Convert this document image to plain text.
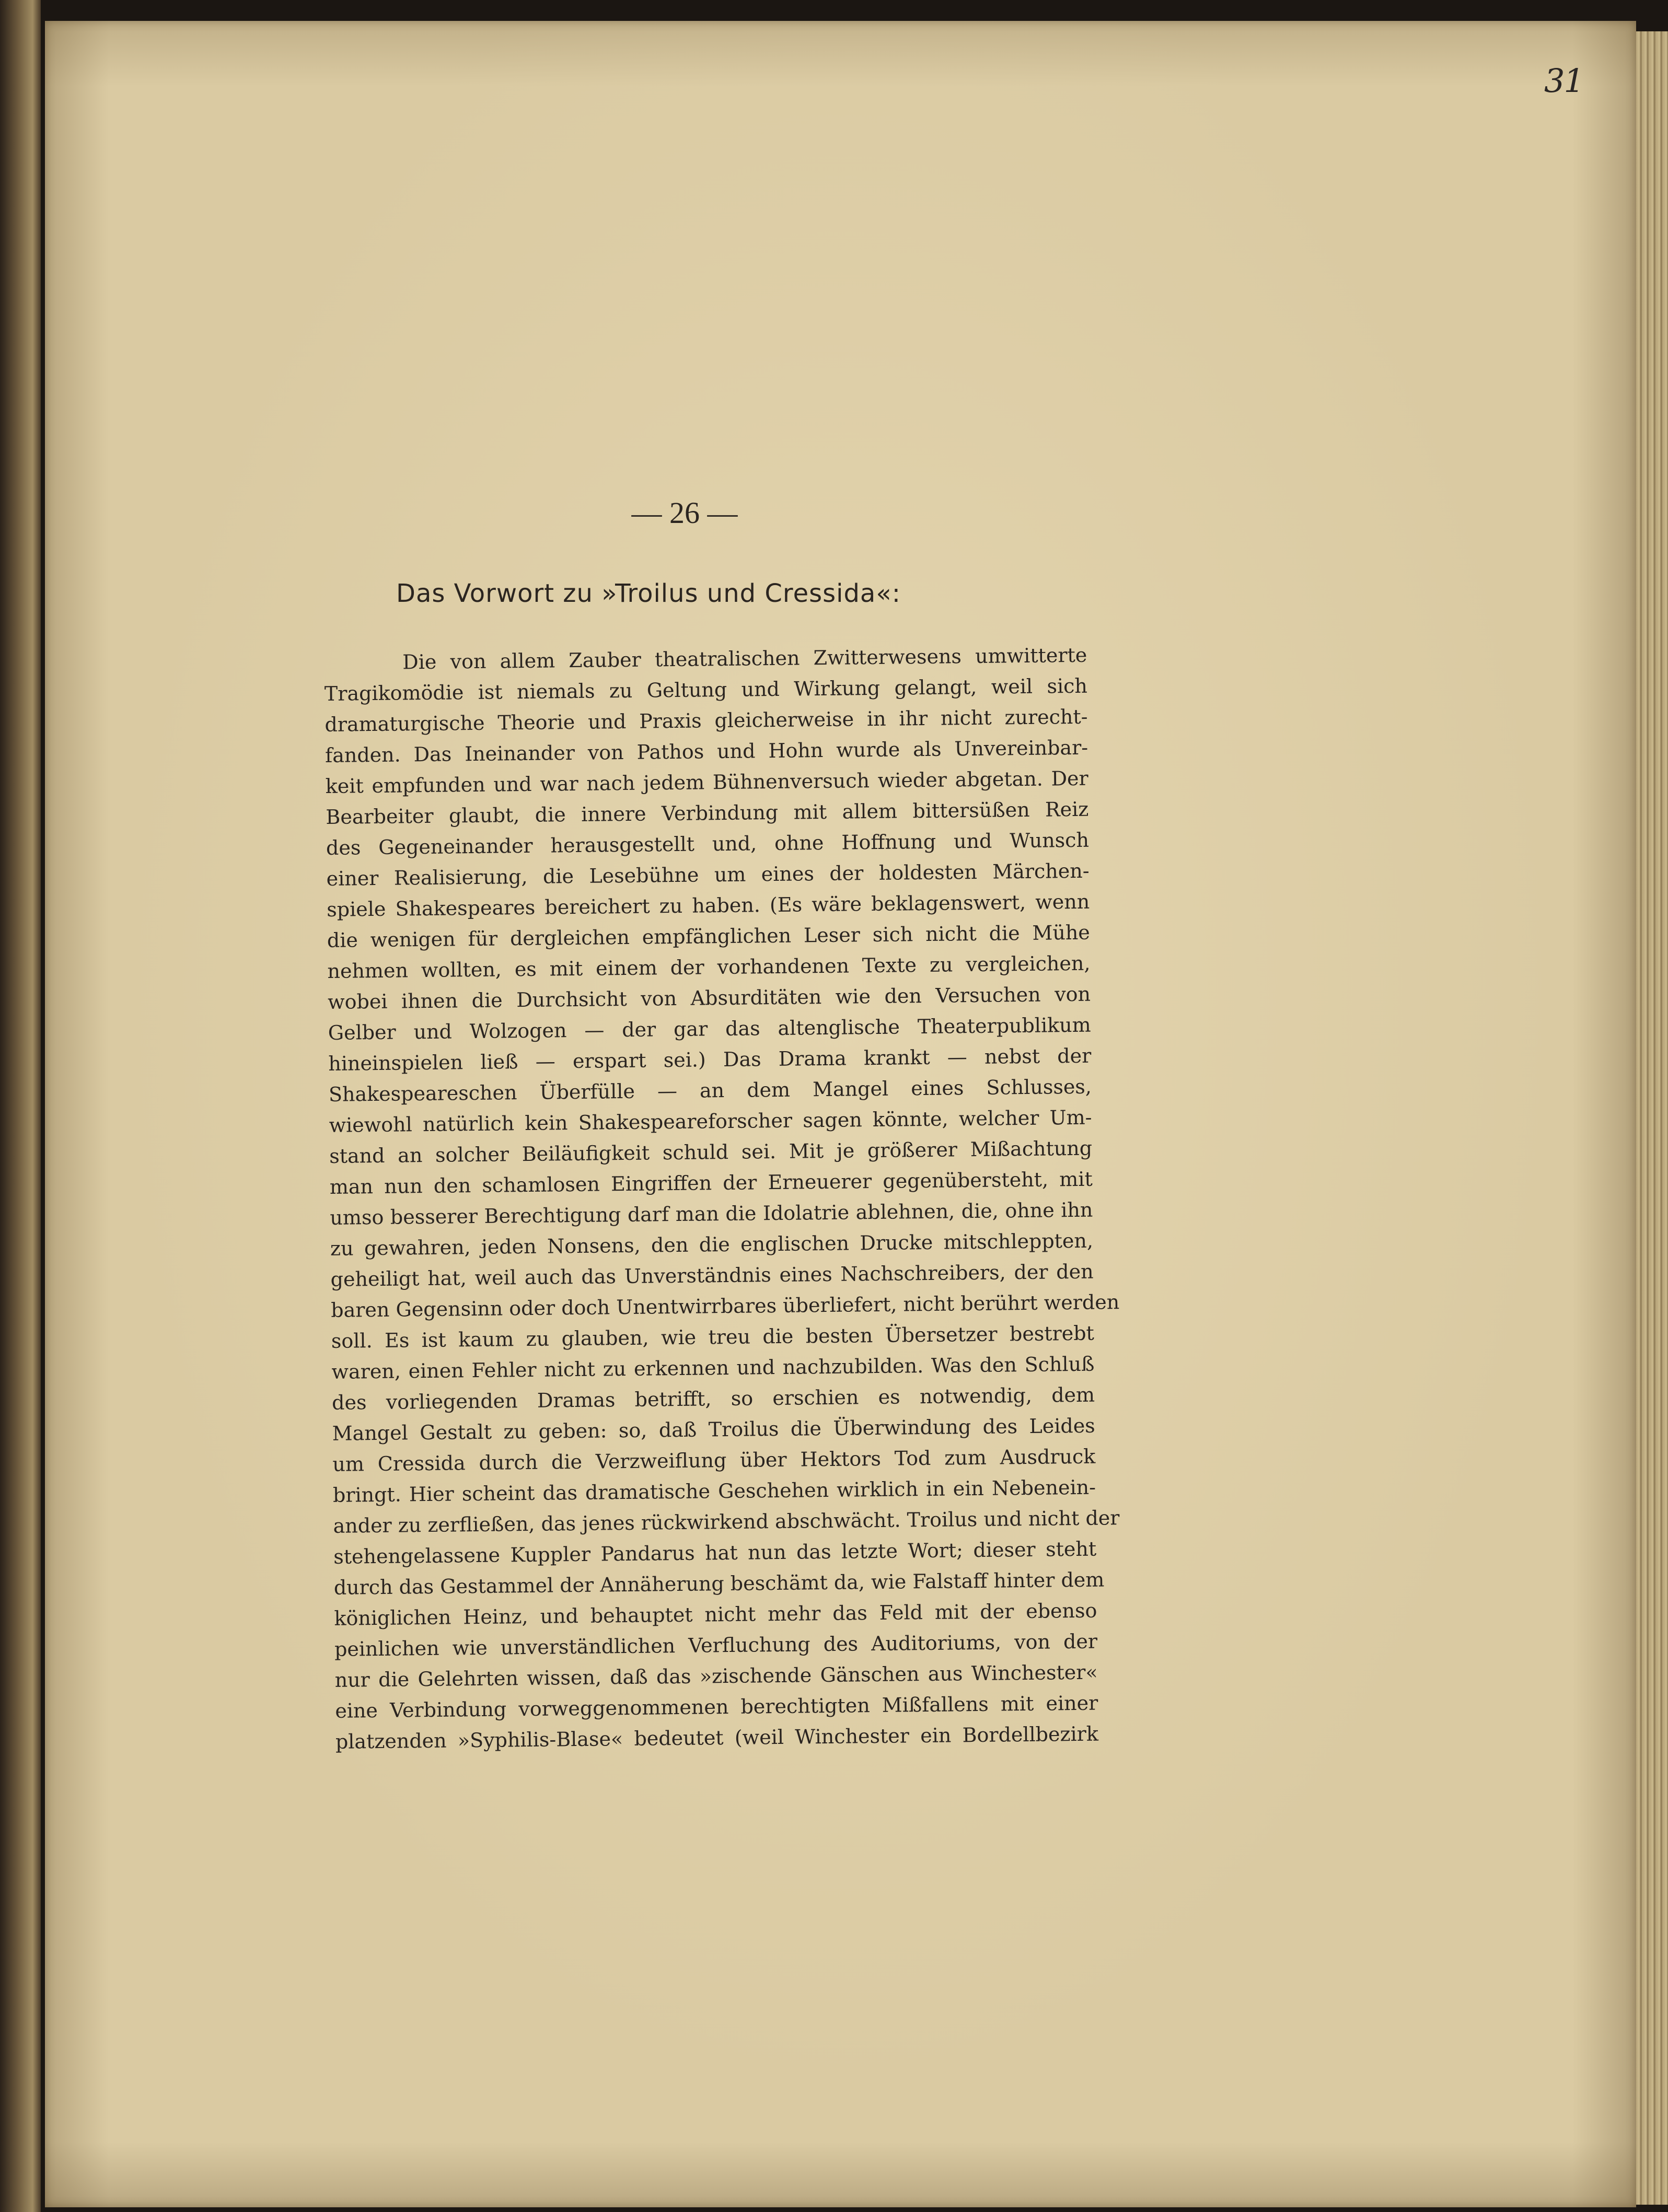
31
— 26 —
Das Vorwort zu »Troilus und Cressida«:
Die von allem Zauber theatralischen Zwitterwesens umwitterte
Tragikomödie ist niemals zu Geltung und Wirkung gelangt, weil sich
dramaturgische Theorie und Praxis gleicherweise in ihr nicht zurecht-
fanden. Das Ineinander von Pathos und Hohn wurde als Unvereinbar-
keit empfunden und war nach jedem Bühnenversuch wieder abgetan. Der
Bearbeiter glaubt, die innere Verbindung mit allem bittersüßen Reiz
des Gegeneinander herausgestellt und, ohne Hoffnung und Wunsch
einer Realisierung, die Lesebühne um eines der holdesten Märchen-
spiele Shakespeares bereichert zu haben. (Es wäre beklagenswert, wenn
die wenigen für dergleichen empfänglichen Leser sich nicht die Mühe
nehmen wollten, es mit einem der vorhandenen Texte zu vergleichen,
wobei ihnen die Durchsicht von Absurditäten wie den Versuchen von
Gelber und Wolzogen — der gar das altenglische Theaterpublikum
hineinspielen ließ — erspart sei.) Das Drama krankt — nebst der
Shakespeareschen Überfülle — an dem Mangel eines Schlusses,
wiewohl natürlich kein Shakespeareforscher sagen könnte, welcher Um-
stand an solcher Beiläufigkeit schuld sei. Mit je größerer Mißachtung
man nun den schamlosen Eingriffen der Erneuerer gegenübersteht, mit
umso besserer Berechtigung darf man die Idolatrie ablehnen, die, ohne ihn
zu gewahren, jeden Nonsens, den die englischen Drucke mitschleppten,
geheiligt hat, weil auch das Unverständnis eines Nachschreibers, der den
baren Gegensinn oder doch Unentwirrbares überliefert, nicht berührt werden
soll. Es ist kaum zu glauben, wie treu die besten Übersetzer bestrebt
waren, einen Fehler nicht zu erkennen und nachzubilden. Was den Schluß
des vorliegenden Dramas betrifft, so erschien es notwendig, dem
Mangel Gestalt zu geben: so, daß Troilus die Überwindung des Leides
um Cressida durch die Verzweiflung über Hektors Tod zum Ausdruck
bringt. Hier scheint das dramatische Geschehen wirklich in ein Nebenein-
ander zu zerfließen, das jenes rückwirkend abschwächt. Troilus und nicht der
stehengelassene Kuppler Pandarus hat nun das letzte Wort; dieser steht
durch das Gestammel der Annäherung beschämt da, wie Falstaff hinter dem
königlichen Heinz, und behauptet nicht mehr das Feld mit der ebenso
peinlichen wie unverständlichen Verfluchung des Auditoriums, von der
nur die Gelehrten wissen, daß das »zischende Gänschen aus Winchester«
eine Verbindung vorweggenommenen berechtigten Mißfallens mit einer
platzenden »Syphilis-Blase« bedeutet (weil Winchester ein Bordellbezirk
